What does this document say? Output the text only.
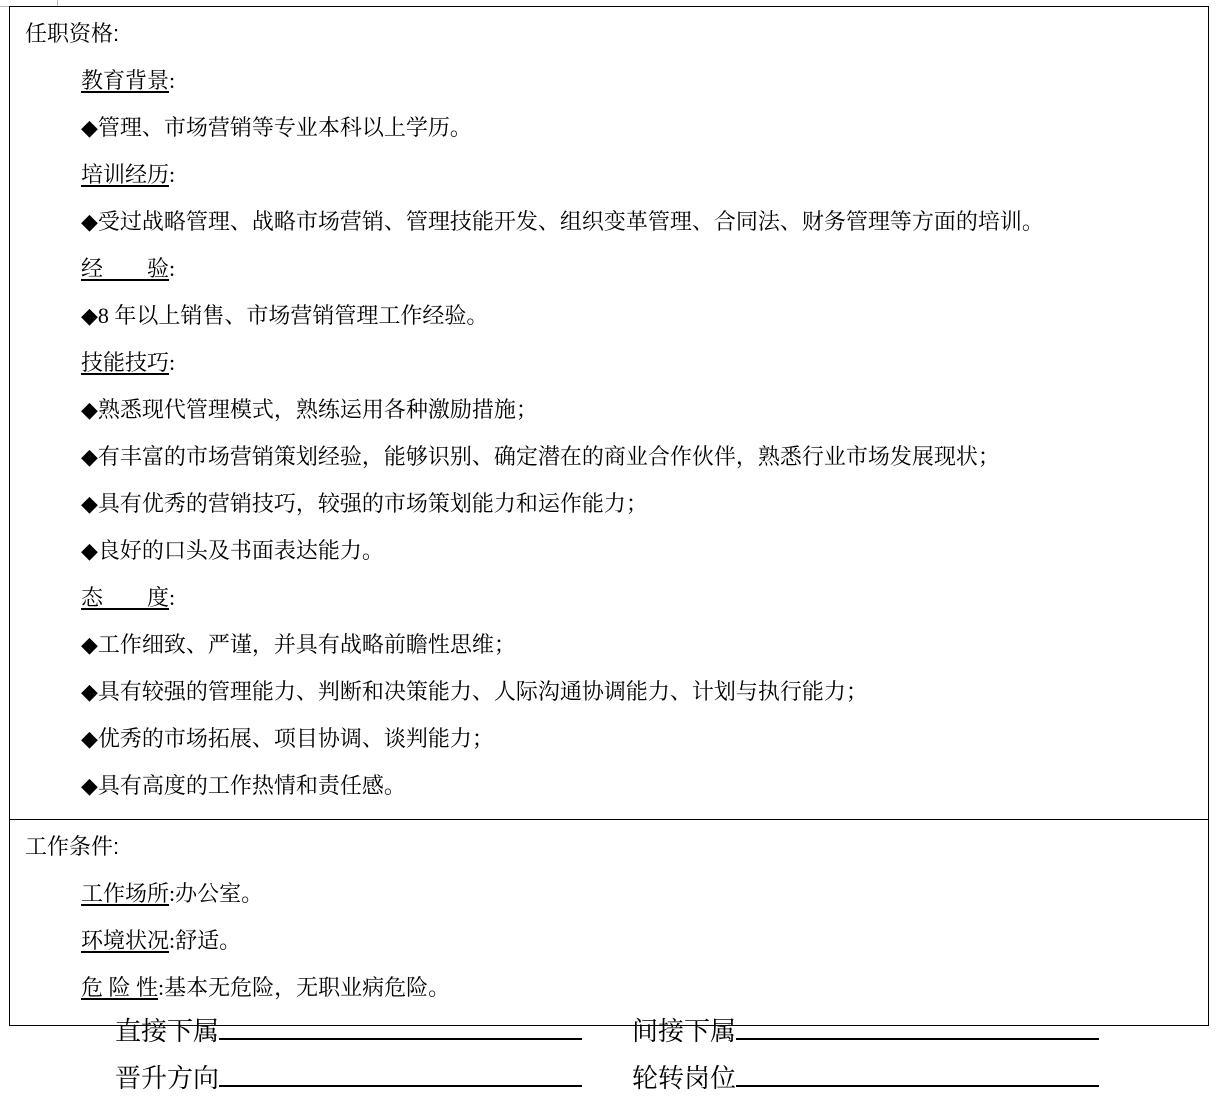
任职资格:
教育背景:
◆管理、市场营销等专业本科以上学历。
培训经历:
◆受过战略管理、战略市场营销、管理技能开发、组织变革管理、合同法、财务管理等方面的培训。
经　　验:
◆8 年以上销售、市场营销管理工作经验。
技能技巧:
◆熟悉现代管理模式，熟练运用各种激励措施；
◆有丰富的市场营销策划经验，能够识别、确定潜在的商业合作伙伴，熟悉行业市场发展现状；
◆具有优秀的营销技巧，较强的市场策划能力和运作能力；
◆良好的口头及书面表达能力。
态　　度:
◆工作细致、严谨，并具有战略前瞻性思维；
◆具有较强的管理能力、判断和决策能力、人际沟通协调能力、计划与执行能力；
◆优秀的市场拓展、项目协调、谈判能力；
◆具有高度的工作热情和责任感。
工作条件:
工作场所:办公室。
环境状况:舒适。
危 险 性:基本无危险，无职业病危险。
直接下属	间接下属
晋升方向	轮转岗位
